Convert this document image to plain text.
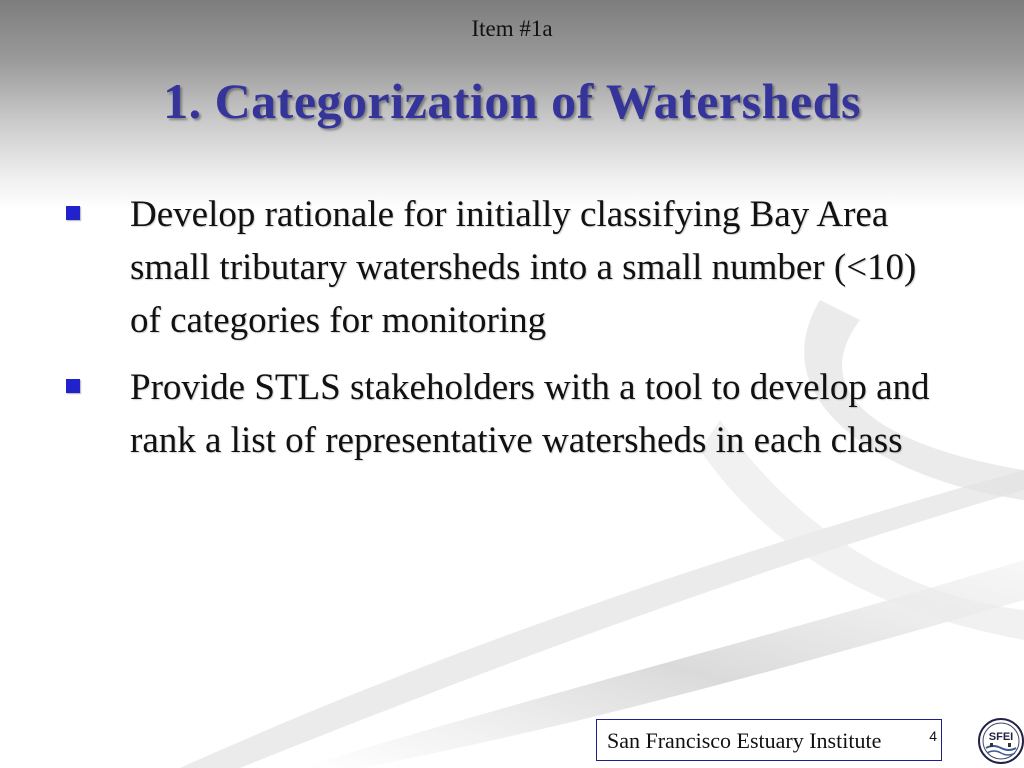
Item #1a
1. Categorization of Watersheds
Develop rationale for initially classifying Bay Area small tributary watersheds into a small number (<10) of categories for monitoring
Provide STLS stakeholders with a tool to develop and rank a list of representative watersheds in each class
San Francisco Estuary Institute	4	SFEI
